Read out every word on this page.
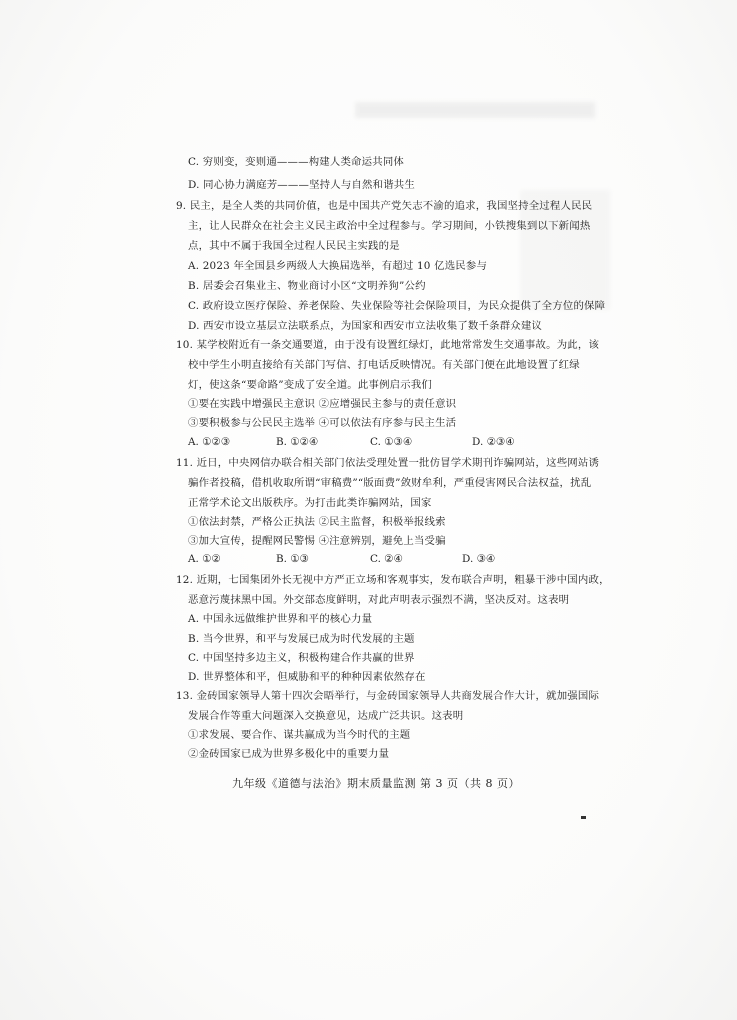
C. 穷则变，变则通———构建人类命运共同体
D. 同心协力满庭芳———坚持人与自然和谐共生
9. 民主，是全人类的共同价值，也是中国共产党矢志不渝的追求，我国坚持全过程人民民
主，让人民群众在社会主义民主政治中全过程参与。学习期间，小铁搜集到以下新闻热
点，其中不属于我国全过程人民民主实践的是
A. 2023 年全国县乡两级人大换届选举，有超过 10 亿选民参与
B. 居委会召集业主、物业商讨小区“文明养狗”公约
C. 政府设立医疗保险、养老保险、失业保险等社会保险项目，为民众提供了全方位的保障
D. 西安市设立基层立法联系点，为国家和西安市立法收集了数千条群众建议
10. 某学校附近有一条交通要道，由于没有设置红绿灯，此地常常发生交通事故。为此，该
校中学生小明直接给有关部门写信、打电话反映情况。有关部门便在此地设置了红绿
灯，使这条“要命路”变成了安全道。此事例启示我们
①要在实践中增强民主意识 ②应增强民主参与的责任意识
③要积极参与公民民主选举 ④可以依法有序参与民主生活
A. ①②③	B. ①②④	C. ①③④	D. ②③④
11. 近日，中央网信办联合相关部门依法受理处置一批仿冒学术期刊诈骗网站，这些网站诱
骗作者投稿，借机收取所谓“审稿费”“版面费”敛财牟利，严重侵害网民合法权益，扰乱
正常学术论文出版秩序。为打击此类诈骗网站，国家
①依法封禁，严格公正执法 ②民主监督，积极举报线索
③加大宣传，提醒网民警惕 ④注意辨别，避免上当受骗
A. ①②	B. ①③	C. ②④	D. ③④
12. 近期，七国集团外长无视中方严正立场和客观事实，发布联合声明，粗暴干涉中国内政，
恶意污蔑抹黑中国。外交部态度鲜明，对此声明表示强烈不满，坚决反对。这表明
A. 中国永远做维护世界和平的核心力量
B. 当今世界，和平与发展已成为时代发展的主题
C. 中国坚持多边主义，积极构建合作共赢的世界
D. 世界整体和平，但威胁和平的种种因素依然存在
13. 金砖国家领导人第十四次会晤举行，与金砖国家领导人共商发展合作大计，就加强国际
发展合作等重大问题深入交换意见，达成广泛共识。这表明
①求发展、要合作、谋共赢成为当今时代的主题
②金砖国家已成为世界多极化中的重要力量
九年级《道德与法治》期末质量监测 第 3 页（共 8 页）
